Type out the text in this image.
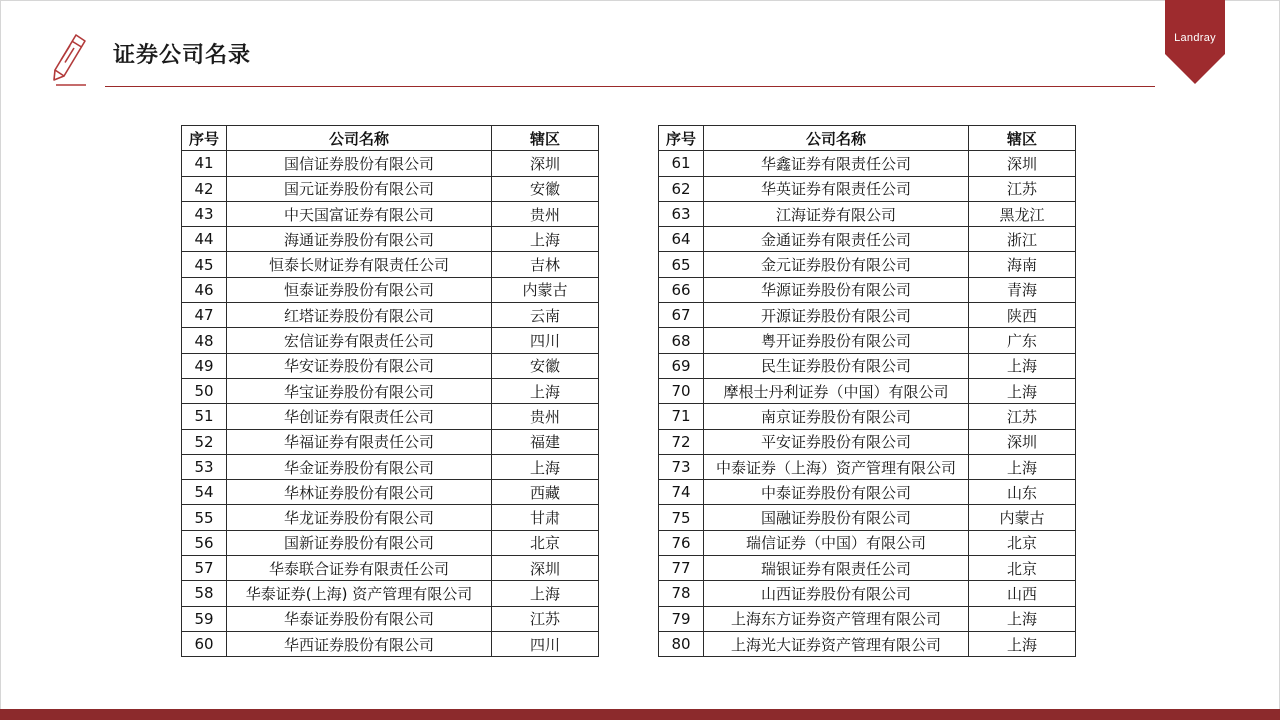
证券公司名录
Landray
序号	公司名称	辖区
41	国信证券股份有限公司	深圳
42	国元证券股份有限公司	安徽
43	中天国富证券有限公司	贵州
44	海通证券股份有限公司	上海
45	恒泰长财证券有限责任公司	吉林
46	恒泰证券股份有限公司	内蒙古
47	红塔证券股份有限公司	云南
48	宏信证券有限责任公司	四川
49	华安证券股份有限公司	安徽
50	华宝证券股份有限公司	上海
51	华创证券有限责任公司	贵州
52	华福证券有限责任公司	福建
53	华金证券股份有限公司	上海
54	华林证券股份有限公司	西藏
55	华龙证券股份有限公司	甘肃
56	国新证券股份有限公司	北京
57	华泰联合证券有限责任公司	深圳
58	华泰证券(上海) 资产管理有限公司	上海
59	华泰证券股份有限公司	江苏
60	华西证券股份有限公司	四川
序号	公司名称	辖区
61	华鑫证券有限责任公司	深圳
62	华英证券有限责任公司	江苏
63	江海证券有限公司	黑龙江
64	金通证券有限责任公司	浙江
65	金元证券股份有限公司	海南
66	华源证券股份有限公司	青海
67	开源证券股份有限公司	陕西
68	粤开证券股份有限公司	广东
69	民生证券股份有限公司	上海
70	摩根士丹利证券（中国）有限公司	上海
71	南京证券股份有限公司	江苏
72	平安证券股份有限公司	深圳
73	中泰证券（上海）资产管理有限公司	上海
74	中泰证券股份有限公司	山东
75	国融证券股份有限公司	内蒙古
76	瑞信证券（中国）有限公司	北京
77	瑞银证券有限责任公司	北京
78	山西证券股份有限公司	山西
79	上海东方证券资产管理有限公司	上海
80	上海光大证券资产管理有限公司	上海
